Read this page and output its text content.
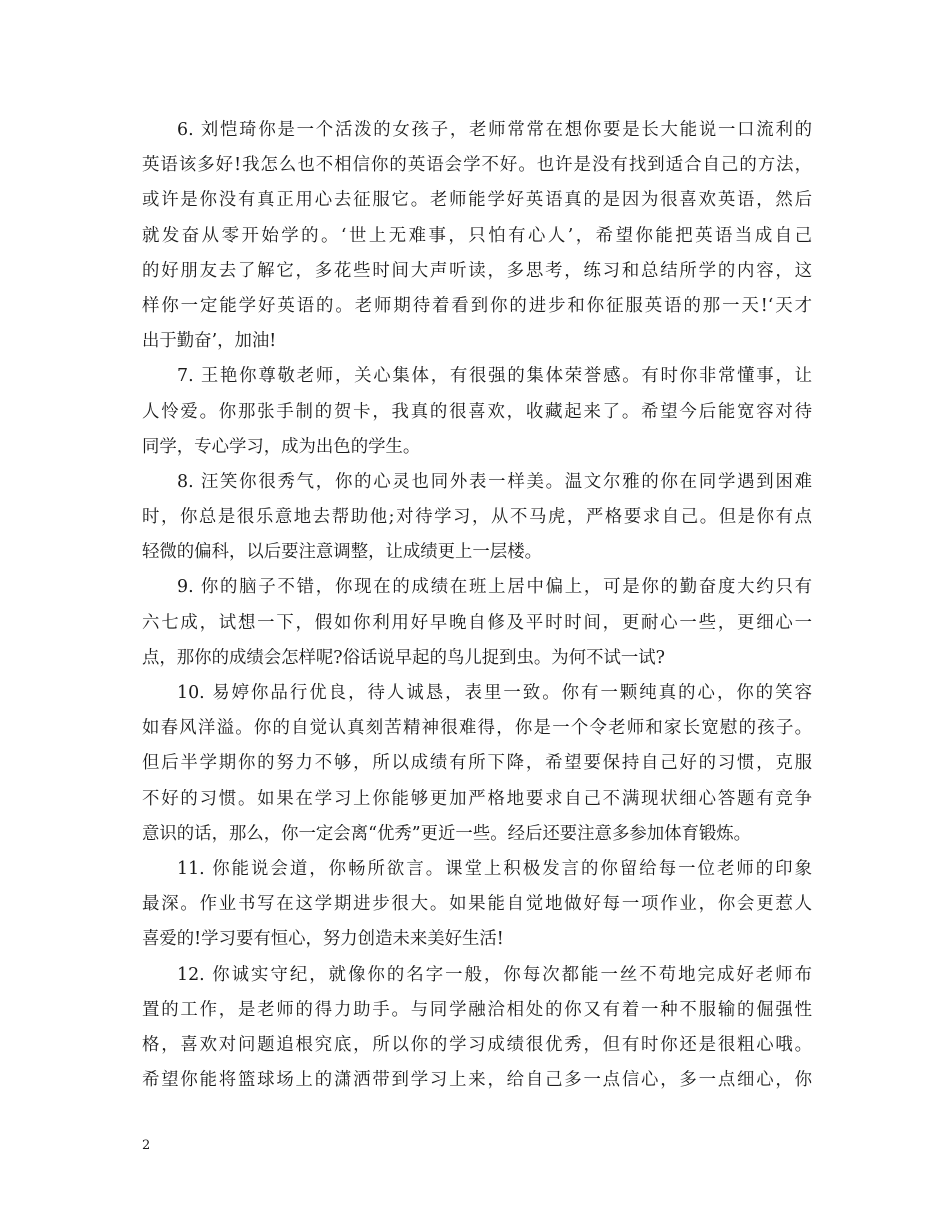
6. 刘恺琦你是一个活泼的女孩子，老师常常在想你要是长大能说一口流利的
英语该多好!我怎么也不相信你的英语会学不好。也许是没有找到适合自己的方法，
或许是你没有真正用心去征服它。老师能学好英语真的是因为很喜欢英语，然后
就发奋从零开始学的。‘世上无难事，只怕有心人’，希望你能把英语当成自己
的好朋友去了解它，多花些时间大声听读，多思考，练习和总结所学的内容，这
样你一定能学好英语的。老师期待着看到你的进步和你征服英语的那一天!‘天才
出于勤奋’，加油!
7. 王艳你尊敬老师，关心集体，有很强的集体荣誉感。有时你非常懂事，让
人怜爱。你那张手制的贺卡，我真的很喜欢，收藏起来了。希望今后能宽容对待
同学，专心学习，成为出色的学生。
8. 汪笑你很秀气，你的心灵也同外表一样美。温文尔雅的你在同学遇到困难
时，你总是很乐意地去帮助他;对待学习，从不马虎，严格要求自己。但是你有点
轻微的偏科，以后要注意调整，让成绩更上一层楼。
9. 你的脑子不错，你现在的成绩在班上居中偏上，可是你的勤奋度大约只有
六七成，试想一下，假如你利用好早晚自修及平时时间，更耐心一些，更细心一
点，那你的成绩会怎样呢?俗话说早起的鸟儿捉到虫。为何不试一试?
10. 易婷你品行优良，待人诚恳，表里一致。你有一颗纯真的心，你的笑容
如春风洋溢。你的自觉认真刻苦精神很难得，你是一个令老师和家长宽慰的孩子。
但后半学期你的努力不够，所以成绩有所下降，希望要保持自己好的习惯，克服
不好的习惯。如果在学习上你能够更加严格地要求自己不满现状细心答题有竞争
意识的话，那么，你一定会离“优秀”更近一些。经后还要注意多参加体育锻炼。
11. 你能说会道，你畅所欲言。课堂上积极发言的你留给每一位老师的印象
最深。作业书写在这学期进步很大。如果能自觉地做好每一项作业，你会更惹人
喜爱的!学习要有恒心，努力创造未来美好生活!
12. 你诚实守纪，就像你的名字一般，你每次都能一丝不苟地完成好老师布
置的工作，是老师的得力助手。与同学融洽相处的你又有着一种不服输的倔强性
格，喜欢对问题追根究底，所以你的学习成绩很优秀，但有时你还是很粗心哦。
希望你能将篮球场上的潇洒带到学习上来，给自己多一点信心，多一点细心，你
2
